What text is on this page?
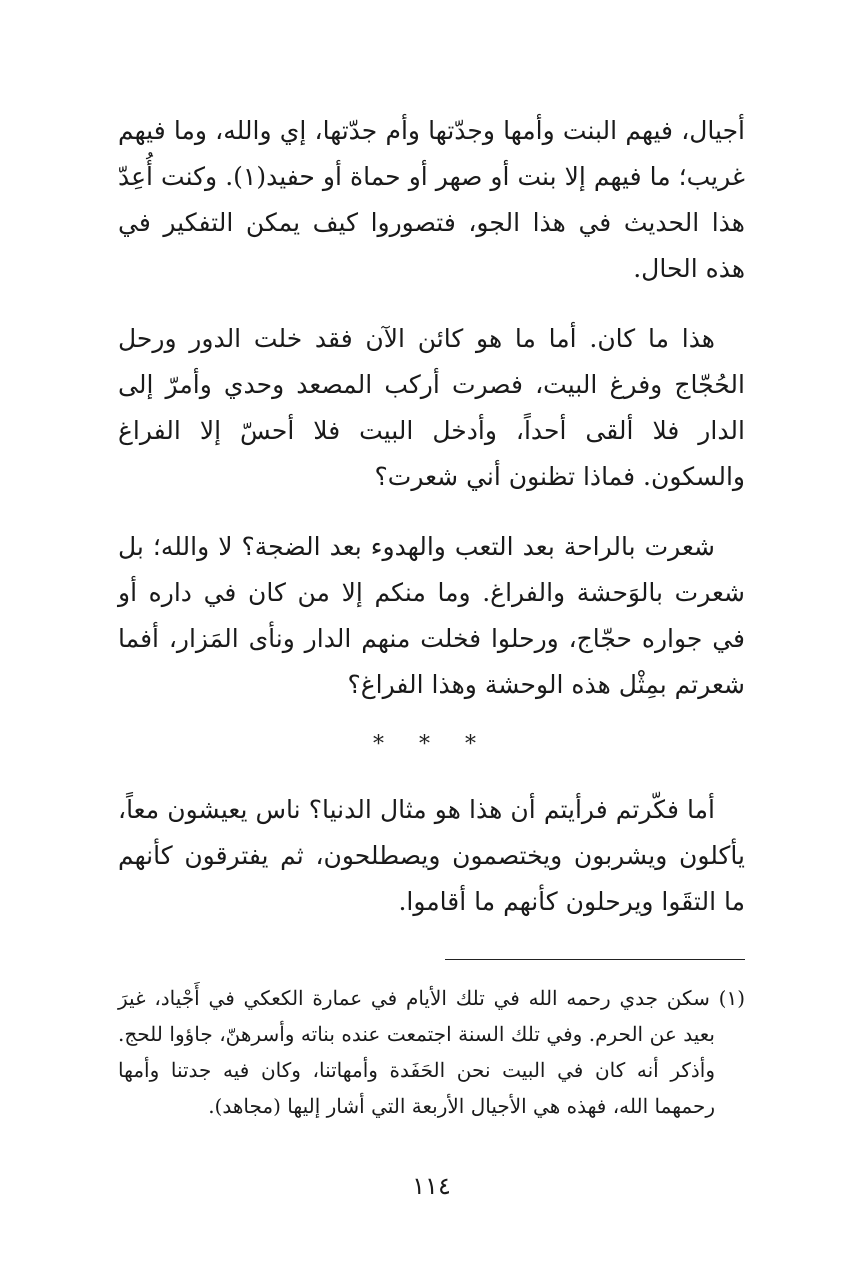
أجيال، فيهم البنت وأمها وجدّتها وأم جدّتها، إي والله، وما فيهم غريب؛ ما فيهم إلا بنت أو صهر أو حماة أو حفيد(١). وكنت أُعِدّ هذا الحديث في هذا الجو، فتصوروا كيف يمكن التفكير في هذه الحال.

هذا ما كان. أما ما هو كائن الآن فقد خلت الدور ورحل الحُجّاج وفرغ البيت، فصرت أركب المصعد وحدي وأمرّ إلى الدار فلا ألقى أحداً، وأدخل البيت فلا أحسّ إلا الفراغ والسكون. فماذا تظنون أني شعرت؟

شعرت بالراحة بعد التعب والهدوء بعد الضجة؟ لا والله؛ بل شعرت بالوَحشة والفراغ. وما منكم إلا من كان في داره أو في جواره حجّاج، ورحلوا فخلت منهم الدار ونأى المَزار، أفما شعرتم بمِثْل هذه الوحشة وهذا الفراغ؟

* * *

أما فكّرتم فرأيتم أن هذا هو مثال الدنيا؟ ناس يعيشون معاً، يأكلون ويشربون ويختصمون ويصطلحون، ثم يفترقون كأنهم ما التقَوا ويرحلون كأنهم ما أقاموا.

(١) سكن جدي رحمه الله في تلك الأيام في عمارة الكعكي في أَجْياد، غيرَ بعيد عن الحرم. وفي تلك السنة اجتمعت عنده بناته وأسرهنّ، جاؤوا للحج. وأذكر أنه كان في البيت نحن الحَفَدة وأمهاتنا، وكان فيه جدتنا وأمها رحمهما الله، فهذه هي الأجيال الأربعة التي أشار إليها (مجاهد).

١١٤
